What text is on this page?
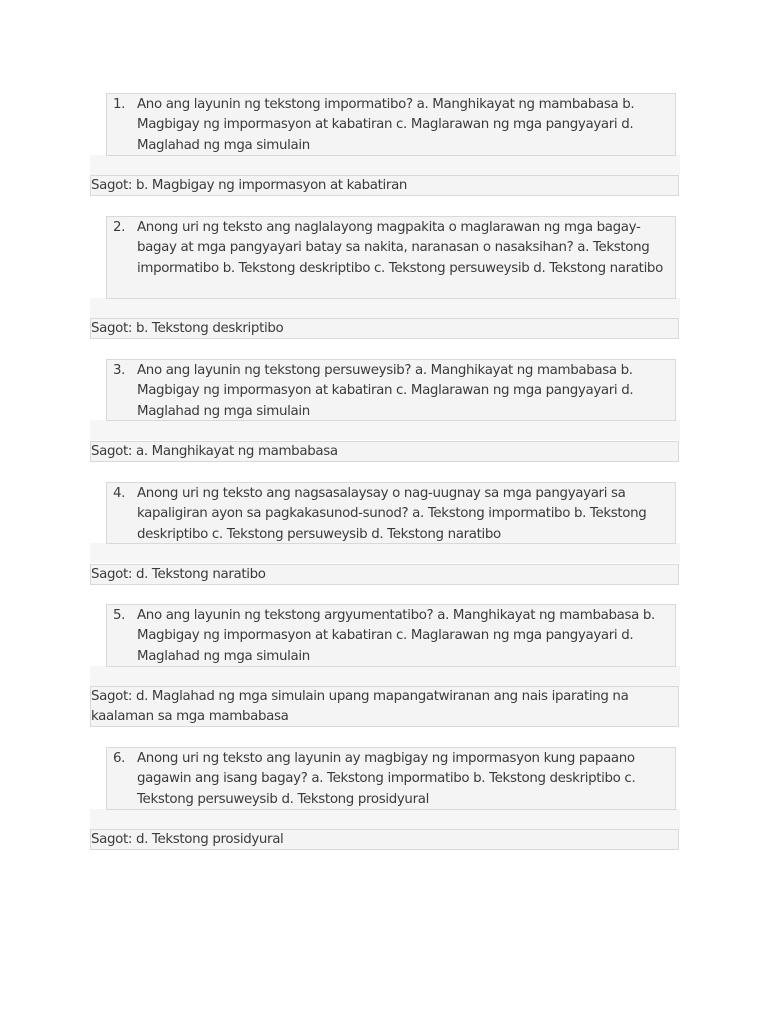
1. Ano ang layunin ng tekstong impormatibo? a. Manghikayat ng mambabasa b. Magbigay ng impormasyon at kabatiran c. Maglarawan ng mga pangyayari d. Maglahad ng mga simulain
Sagot: b. Magbigay ng impormasyon at kabatiran
2. Anong uri ng teksto ang naglalayong magpakita o maglarawan ng mga bagay-bagay at mga pangyayari batay sa nakita, naranasan o nasaksihan? a. Tekstong impormatibo b. Tekstong deskriptibo c. Tekstong persuweysib d. Tekstong naratibo
Sagot: b. Tekstong deskriptibo
3. Ano ang layunin ng tekstong persuweysib? a. Manghikayat ng mambabasa b. Magbigay ng impormasyon at kabatiran c. Maglarawan ng mga pangyayari d. Maglahad ng mga simulain
Sagot: a. Manghikayat ng mambabasa
4. Anong uri ng teksto ang nagsasalaysay o nag-uugnay sa mga pangyayari sa kapaligiran ayon sa pagkakasunod-sunod? a. Tekstong impormatibo b. Tekstong deskriptibo c. Tekstong persuweysib d. Tekstong naratibo
Sagot: d. Tekstong naratibo
5. Ano ang layunin ng tekstong argyumentatibo? a. Manghikayat ng mambabasa b. Magbigay ng impormasyon at kabatiran c. Maglarawan ng mga pangyayari d. Maglahad ng mga simulain
Sagot: d. Maglahad ng mga simulain upang mapangatwiranan ang nais iparating na kaalaman sa mga mambabasa
6. Anong uri ng teksto ang layunin ay magbigay ng impormasyon kung papaano gagawin ang isang bagay? a. Tekstong impormatibo b. Tekstong deskriptibo c. Tekstong persuweysib d. Tekstong prosidyural
Sagot: d. Tekstong prosidyural
